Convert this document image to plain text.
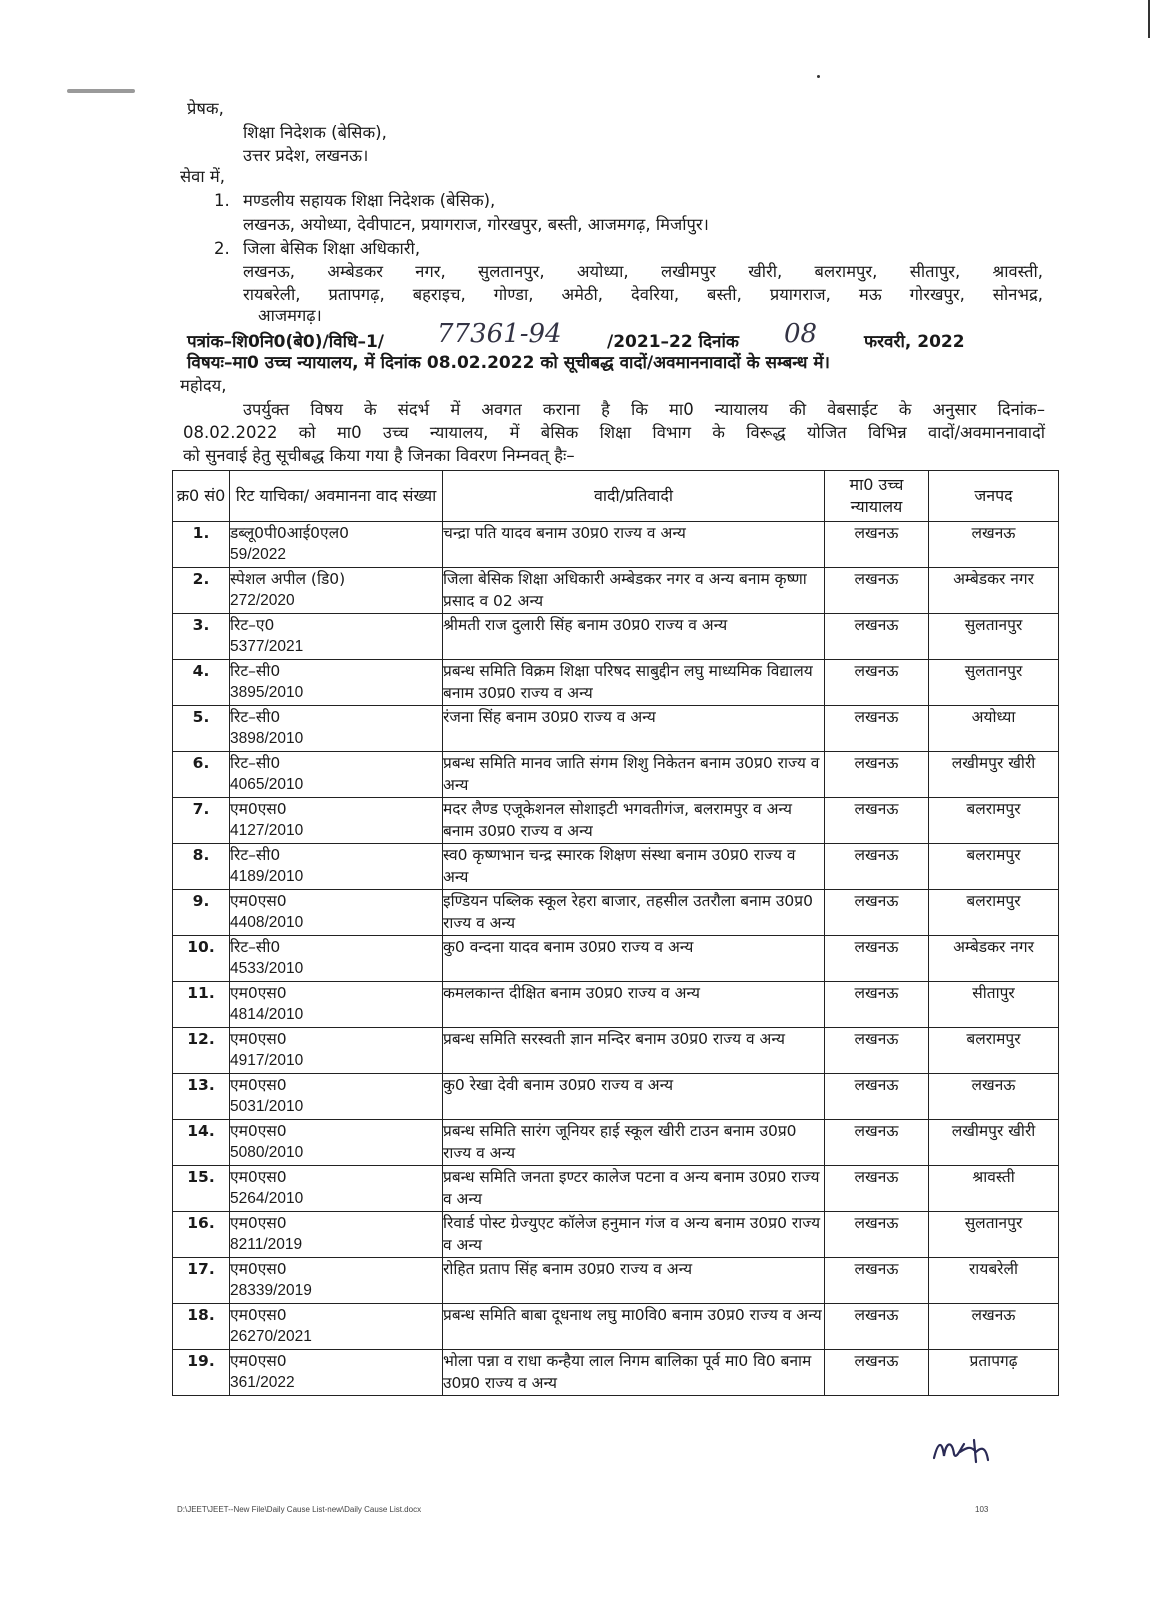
प्रेषक,
शिक्षा निदेशक (बेसिक),
उत्तर प्रदेश, लखनऊ।
सेवा में,
1. मण्डलीय सहायक शिक्षा निदेशक (बेसिक),
लखनऊ, अयोध्या, देवीपाटन, प्रयागराज, गोरखपुर, बस्ती, आजमगढ़, मिर्जापुर।
2. जिला बेसिक शिक्षा अधिकारी,
लखनऊ, अम्बेडकर नगर, सुलतानपुर, अयोध्या, लखीमपुर खीरी, बलरामपुर, सीतापुर, श्रावस्ती,
रायबरेली, प्रतापगढ़, बहराइच, गोण्डा, अमेठी, देवरिया, बस्ती, प्रयागराज, मऊ गोरखपुर, सोनभद्र,
आजमगढ़।
पत्रांक–शि0नि0(बे0)/विधि–1/ 77361-94	/2021–22 दिनांक 08	फरवरी, 2022
विषयः–मा0 उच्च न्यायालय, में दिनांक 08.02.2022 को सूचीबद्ध वादों/अवमाननावादों के सम्बन्ध में।
महोदय,
उपर्युक्त विषय के संदर्भ में अवगत कराना है कि मा0 न्यायालय की वेबसाईट के अनुसार दिनांक–
08.02.2022 को मा0 उच्च न्यायालय, में बेसिक शिक्षा विभाग के विरूद्ध योजित विभिन्न वादों/अवमाननावादों
को सुनवाई हेतु सूचीबद्ध किया गया है जिनका विवरण निम्नवत् हैः–
क्र0 सं0	रिट याचिका/ अवमानना वाद संख्या	वादी/प्रतिवादी	मा0 उच्च न्यायालय	जनपद
1.	डब्लू0पी0आई0एल0
59/2022	चन्द्रा पति यादव बनाम उ0प्र0 राज्य व अन्य	लखनऊ	लखनऊ
2.	स्पेशल अपील (डि0)
272/2020	जिला बेसिक शिक्षा अधिकारी अम्बेडकर नगर व अन्य बनाम कृष्णा प्रसाद व 02 अन्य	लखनऊ	अम्बेडकर नगर
3.	रिट–ए0
5377/2021	श्रीमती राज दुलारी सिंह बनाम उ0प्र0 राज्य व अन्य	लखनऊ	सुलतानपुर
4.	रिट–सी0
3895/2010	प्रबन्ध समिति विक्रम शिक्षा परिषद साबुद्दीन लघु माध्यमिक विद्यालय बनाम उ0प्र0 राज्य व अन्य	लखनऊ	सुलतानपुर
5.	रिट–सी0
3898/2010	रंजना सिंह बनाम उ0प्र0 राज्य व अन्य	लखनऊ	अयोध्या
6.	रिट–सी0
4065/2010	प्रबन्ध समिति मानव जाति संगम शिशु निकेतन बनाम उ0प्र0 राज्य व अन्य	लखनऊ	लखीमपुर खीरी
7.	एम0एस0
4127/2010	मदर लैण्ड एजूकेशनल सोशाइटी भगवतीगंज, बलरामपुर व अन्य बनाम उ0प्र0 राज्य व अन्य	लखनऊ	बलरामपुर
8.	रिट–सी0
4189/2010	स्व0 कृष्णभान चन्द्र स्मारक शिक्षण संस्था बनाम उ0प्र0 राज्य व अन्य	लखनऊ	बलरामपुर
9.	एम0एस0
4408/2010	इण्डियन पब्लिक स्कूल रेहरा बाजार, तहसील उतरौला बनाम उ0प्र0 राज्य व अन्य	लखनऊ	बलरामपुर
10.	रिट–सी0
4533/2010	कु0 वन्दना यादव बनाम उ0प्र0 राज्य व अन्य	लखनऊ	अम्बेडकर नगर
11.	एम0एस0
4814/2010	कमलकान्त दीक्षित बनाम उ0प्र0 राज्य व अन्य	लखनऊ	सीतापुर
12.	एम0एस0
4917/2010	प्रबन्ध समिति सरस्वती ज्ञान मन्दिर बनाम उ0प्र0 राज्य व अन्य	लखनऊ	बलरामपुर
13.	एम0एस0
5031/2010	कु0 रेखा देवी बनाम उ0प्र0 राज्य व अन्य	लखनऊ	लखनऊ
14.	एम0एस0
5080/2010	प्रबन्ध समिति सारंग जूनियर हाई स्कूल खीरी टाउन बनाम उ0प्र0 राज्य व अन्य	लखनऊ	लखीमपुर खीरी
15.	एम0एस0
5264/2010	प्रबन्ध समिति जनता इण्टर कालेज पटना व अन्य बनाम उ0प्र0 राज्य व अन्य	लखनऊ	श्रावस्ती
16.	एम0एस0
8211/2019	रिवार्ड पोस्ट ग्रेज्युएट कॉलेज हनुमान गंज व अन्य बनाम उ0प्र0 राज्य व अन्य	लखनऊ	सुलतानपुर
17.	एम0एस0
28339/2019	रोहित प्रताप सिंह बनाम उ0प्र0 राज्य व अन्य	लखनऊ	रायबरेली
18.	एम0एस0
26270/2021	प्रबन्ध समिति बाबा दूधनाथ लघु मा0वि0 बनाम उ0प्र0 राज्य व अन्य	लखनऊ	लखनऊ
19.	एम0एस0
361/2022	भोला पन्ना व राधा कन्हैया लाल निगम बालिका पूर्व मा0 वि0 बनाम उ0प्र0 राज्य व अन्य	लखनऊ	प्रतापगढ़
D:\JEET\JEET--New File\Daily Cause List-new\Daily Cause List.docx	103
